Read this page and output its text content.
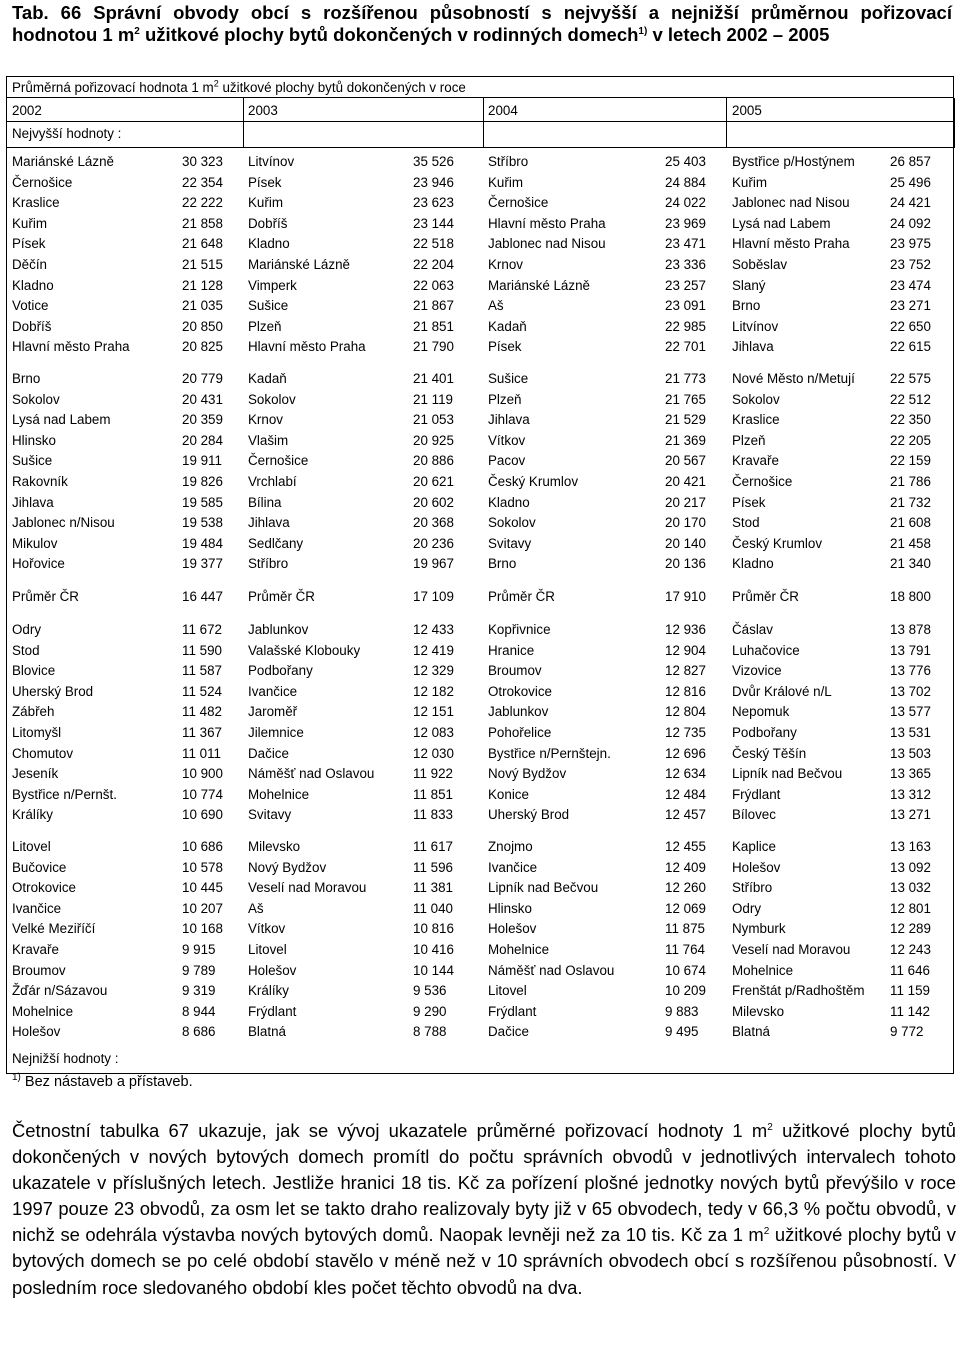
Tab. 66 Správní obvody obcí s rozšířenou působností s nejvyšší a nejnižší průměrnou pořizovací hodnotou 1 $m^2$ užitkové plochy bytů dokončených v rodinných domech$^{1)}$ v letech 2002 – 2005
Průměrná pořizovací hodnota 1 $m^2$ užitkové plochy bytů dokončených v roce
2002	2003	2004	2005
Nejvyšší hodnoty :
Nejnižší hodnoty :
Mariánské Lázně	30 323 Litvínov	35 526	Stříbro	25 403 Bystřice p/Hostýnem	26 857
Černošice	22 354 Písek	23 946	Kuřim	24 884 Kuřim	25 496
Kraslice	22 222 Kuřim	23 623	Černošice	24 022 Jablonec nad Nisou	24 421
Kuřim	21 858 Dobříš	23 144	Hlavní město Praha	23 969 Lysá nad Labem	24 092
Písek	21 648 Kladno	22 518	Jablonec nad Nisou	23 471 Hlavní město Praha	23 975
Děčín	21 515 Mariánské Lázně	22 204	Krnov	23 336 Soběslav	23 752
Kladno	21 128 Vimperk	22 063	Mariánské Lázně	23 257 Slaný	23 474
Votice	21 035 Sušice	21 867	Aš	23 091 Brno	23 271
Dobříš	20 850 Plzeň	21 851	Kadaň	22 985 Litvínov	22 650
Hlavní město Praha	20 825 Hlavní město Praha	21 790	Písek	22 701 Jihlava	22 615
Brno	20 779 Kadaň	21 401	Sušice	21 773 Nové Město n/Metují	22 575
Sokolov	20 431 Sokolov	21 119	Plzeň	21 765 Sokolov	22 512
Lysá nad Labem	20 359 Krnov	21 053	Jihlava	21 529 Kraslice	22 350
Hlinsko	20 284 Vlašim	20 925	Vítkov	21 369 Plzeň	22 205
Sušice	19 911 Černošice	20 886	Pacov	20 567 Kravaře	22 159
Rakovník	19 826 Vrchlabí	20 621	Český Krumlov	20 421 Černošice	21 786
Jihlava	19 585 Bílina	20 602	Kladno	20 217 Písek	21 732
Jablonec n/Nisou	19 538 Jihlava	20 368	Sokolov	20 170 Stod	21 608
Mikulov	19 484 Sedlčany	20 236	Svitavy	20 140 Český Krumlov	21 458
Hořovice	19 377 Stříbro	19 967	Brno	20 136 Kladno	21 340
Průměr ČR	16 447 Průměr ČR	17 109	Průměr ČR	17 910 Průměr ČR	18 800
Odry	11 672 Jablunkov	12 433	Kopřivnice	12 936 Čáslav	13 878
Stod	11 590 Valašské Klobouky	12 419	Hranice	12 904 Luhačovice	13 791
Blovice	11 587 Podbořany	12 329	Broumov	12 827 Vizovice	13 776
Uherský Brod	11 524 Ivančice	12 182	Otrokovice	12 816 Dvůr Králové n/L	13 702
Zábřeh	11 482 Jaroměř	12 151	Jablunkov	12 804 Nepomuk	13 577
Litomyšl	11 367 Jilemnice	12 083	Pohořelice	12 735 Podbořany	13 531
Chomutov	11 011 Dačice	12 030	Bystřice n/Pernštejn.	12 696 Český Těšín	13 503
Jeseník	10 900 Náměšť nad Oslavou	11 922	Nový Bydžov	12 634 Lipník nad Bečvou	13 365
Bystřice n/Pernšt.	10 774 Mohelnice	11 851	Konice	12 484 Frýdlant	13 312
Králíky	10 690 Svitavy	11 833	Uherský Brod	12 457 Bílovec	13 271
Litovel	10 686 Milevsko	11 617	Znojmo	12 455 Kaplice	13 163
Bučovice	10 578 Nový Bydžov	11 596	Ivančice	12 409 Holešov	13 092
Otrokovice	10 445 Veselí nad Moravou	11 381	Lipník nad Bečvou	12 260 Stříbro	13 032
Ivančice	10 207 Aš	11 040	Hlinsko	12 069 Odry	12 801
Velké Meziříčí	10 168 Vítkov	10 816	Holešov	11 875 Nymburk	12 289
Kravaře	9 915 Litovel	10 416	Mohelnice	11 764 Veselí nad Moravou	12 243
Broumov	9 789 Holešov	10 144	Náměšť nad Oslavou	10 674 Mohelnice	11 646
Žďár n/Sázavou	9 319 Králíky	9 536	Litovel	10 209 Frenštát p/Radhoštěm 11 159
Mohelnice	8 944 Frýdlant	9 290	Frýdlant	9 883 Milevsko	11 142
Holešov	8 686 Blatná	8 788	Dačice	9 495 Blatná	9 772
$^{1)}$ Bez nástaveb a přístaveb.
Četnostní tabulka 67 ukazuje, jak se vývoj ukazatele průměrné pořizovací hodnoty 1 $m^2$ užitkové plochy bytů dokončených v nových bytových domech promítl do počtu správních obvodů v jednotlivých intervalech tohoto ukazatele v příslušných letech. Jestliže hranici 18 tis. Kč za pořízení plošné jednotky nových bytů převýšilo v roce 1997 pouze 23 obvodů, za osm let se takto draho realizovaly byty již v 65 obvodech, tedy v 66,3 % počtu obvodů, v nichž se odehrála výstavba nových bytových domů. Naopak levněji než za 10 tis. Kč za 1 $m^2$ užitkové plochy bytů v bytových domech se po celé období stavělo v méně než v 10 správních obvodech obcí s rozšířenou působností. V posledním roce sledovaného období kles počet těchto obvodů na dva.
